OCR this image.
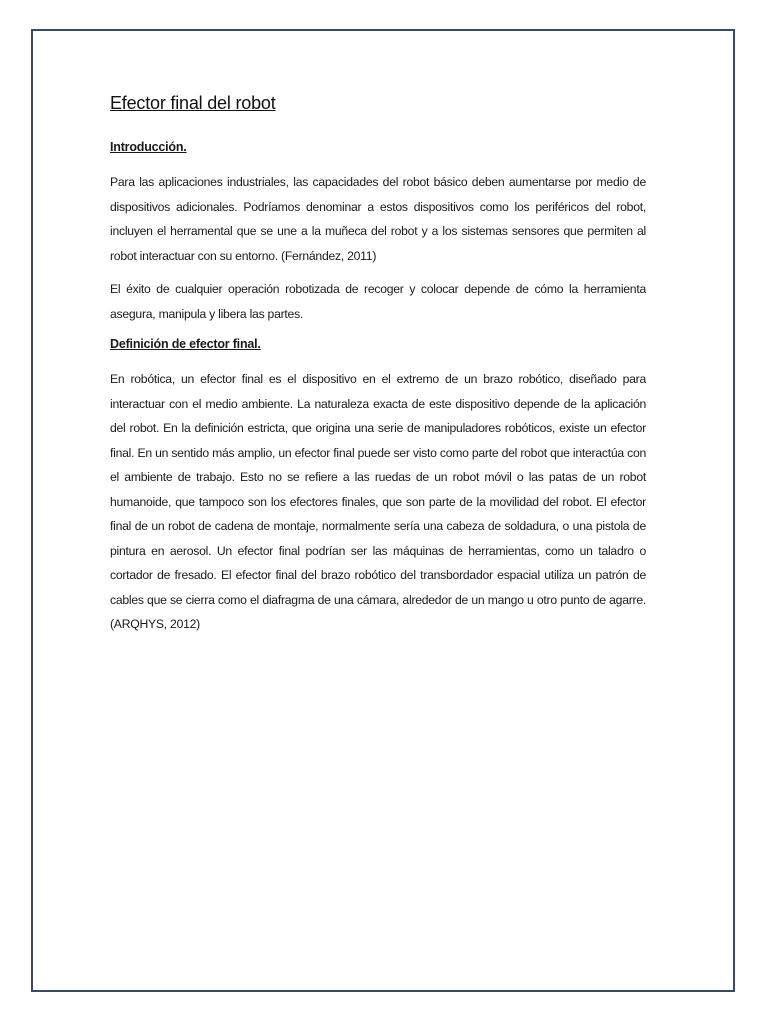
Efector final del robot
Introducción.

Para las aplicaciones industriales, las capacidades del robot básico deben aumentarse por medio de dispositivos adicionales. Podríamos denominar a estos dispositivos como los periféricos del robot, incluyen el herramental que se une a la muñeca del robot y a los sistemas sensores que permiten al robot interactuar con su entorno. (Fernández, 2011)

El éxito de cualquier operación robotizada de recoger y colocar depende de cómo la herramienta asegura, manipula y libera las partes.

Definición de efector final.

En robótica, un efector final es el dispositivo en el extremo de un brazo robótico, diseñado para interactuar con el medio ambiente. La naturaleza exacta de este dispositivo depende de la aplicación del robot. En la definición estricta, que origina una serie de manipuladores robóticos, existe un efector final. En un sentido más amplio, un efector final puede ser visto como parte del robot que interactúa con el ambiente de trabajo. Esto no se refiere a las ruedas de un robot móvil o las patas de un robot humanoide, que tampoco son los efectores finales, que son parte de la movilidad del robot. El efector final de un robot de cadena de montaje, normalmente sería una cabeza de soldadura, o una pistola de pintura en aerosol. Un efector final podrían ser las máquinas de herramientas, como un taladro o cortador de fresado. El efector final del brazo robótico del transbordador espacial utiliza un patrón de cables que se cierra como el diafragma de una cámara, alrededor de un mango u otro punto de agarre. (ARQHYS, 2012)
